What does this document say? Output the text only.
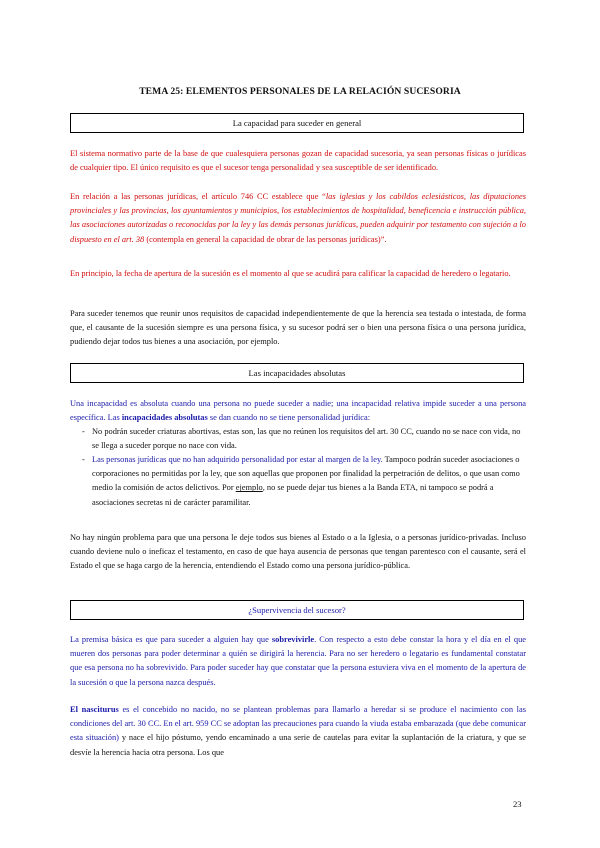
TEMA 25: ELEMENTOS PERSONALES DE LA RELACIÓN SUCESORIA
La capacidad para suceder en general
El sistema normativo parte de la base de que cualesquiera personas gozan de capacidad sucesoria, ya sean personas físicas o jurídicas de cualquier tipo. El único requisito es que el sucesor tenga personalidad y sea susceptible de ser identificado.
En relación a las personas jurídicas, el artículo 746 CC establece que “las iglesias y los cabildos eclesiásticos, las diputaciones provinciales y las provincias, los ayuntamientos y municipios, los establecimientos de hospitalidad, beneficencia e instrucción pública, las asociaciones autorizadas o reconocidas por la ley y las demás personas jurídicas, pueden adquirir por testamento con sujeción a lo dispuesto en el art. 38 (contempla en general la capacidad de obrar de las personas jurídicas)”.
En principio, la fecha de apertura de la sucesión es el momento al que se acudirá para calificar la capacidad de heredero o legatario.
Para suceder tenemos que reunir unos requisitos de capacidad independientemente de que la herencia sea testada o intestada, de forma que, el causante de la sucesión siempre es una persona física, y su sucesor podrá ser o bien una persona física o una persona jurídica, pudiendo dejar todos tus bienes a una asociación, por ejemplo.
Las incapacidades absolutas
Una incapacidad es absoluta cuando una persona no puede suceder a nadie; una incapacidad relativa impide suceder a una persona específica. Las incapacidades absolutas se dan cuando no se tiene personalidad jurídica:
- No podrán suceder criaturas abortivas, estas son, las que no reúnen los requisitos del art. 30 CC, cuando no se nace con vida, no se llega a suceder porque no nace con vida.
- Las personas jurídicas que no han adquirido personalidad por estar al margen de la ley. Tampoco podrán suceder asociaciones o corporaciones no permitidas por la ley, que son aquellas que proponen por finalidad la perpetración de delitos, o que usan como medio la comisión de actos delictivos. Por ejemplo, no se puede dejar tus bienes a la Banda ETA, ni tampoco se podrá a asociaciones secretas ni de carácter paramilitar.
No hay ningún problema para que una persona le deje todos sus bienes al Estado o a la Iglesia, o a personas jurídico-privadas. Incluso cuando deviene nulo o ineficaz el testamento, en caso de que haya ausencia de personas que tengan parentesco con el causante, será el Estado el que se haga cargo de la herencia, entendiendo el Estado como una persona jurídico-pública.
¿Supervivencia del sucesor?
La premisa básica es que para suceder a alguien hay que sobrevivirle. Con respecto a esto debe constar la hora y el día en el que mueren dos personas para poder determinar a quién se dirigirá la herencia. Para no ser heredero o legatario es fundamental constatar que esa persona no ha sobrevivido. Para poder suceder hay que constatar que la persona estuviera viva en el momento de la apertura de la sucesión o que la persona nazca después.
El nasciturus es el concebido no nacido, no se plantean problemas para llamarlo a heredar si se produce el nacimiento con las condiciones del art. 30 CC. En el art. 959 CC se adoptan las precauciones para cuando la viuda estaba embarazada (que debe comunicar esta situación) y nace el hijo póstumo, yendo encaminado a una serie de cautelas para evitar la suplantación de la criatura, y que se desvíe la herencia hacia otra persona. Los que
23
